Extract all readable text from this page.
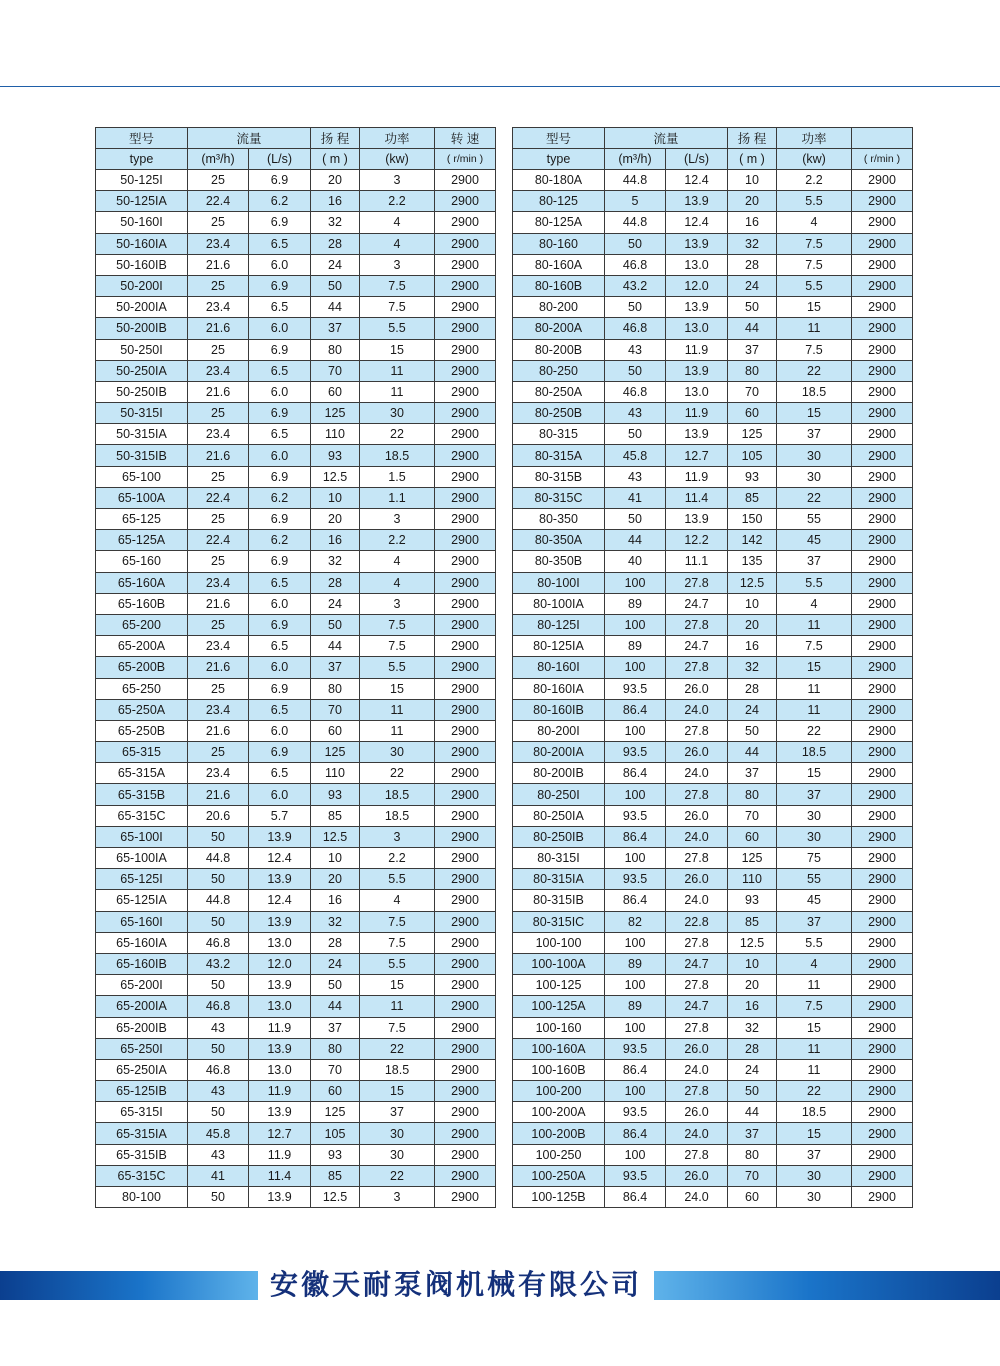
型号	流量		扬 程	功率	转 速
type	(m³/h)	(L/s)	( m )	(kw)	( r/min )
50-125I	25	6.9	20	3	2900
50-125IA	22.4	6.2	16	2.2	2900
50-160I	25	6.9	32	4	2900
50-160IA	23.4	6.5	28	4	2900
50-160IB	21.6	6.0	24	3	2900
50-200I	25	6.9	50	7.5	2900
50-200IA	23.4	6.5	44	7.5	2900
50-200IB	21.6	6.0	37	5.5	2900
50-250I	25	6.9	80	15	2900
50-250IA	23.4	6.5	70	11	2900
50-250IB	21.6	6.0	60	11	2900
50-315I	25	6.9	125	30	2900
50-315IA	23.4	6.5	110	22	2900
50-315IB	21.6	6.0	93	18.5	2900
65-100	25	6.9	12.5	1.5	2900
65-100A	22.4	6.2	10	1.1	2900
65-125	25	6.9	20	3	2900
65-125A	22.4	6.2	16	2.2	2900
65-160	25	6.9	32	4	2900
65-160A	23.4	6.5	28	4	2900
65-160B	21.6	6.0	24	3	2900
65-200	25	6.9	50	7.5	2900
65-200A	23.4	6.5	44	7.5	2900
65-200B	21.6	6.0	37	5.5	2900
65-250	25	6.9	80	15	2900
65-250A	23.4	6.5	70	11	2900
65-250B	21.6	6.0	60	11	2900
65-315	25	6.9	125	30	2900
65-315A	23.4	6.5	110	22	2900
65-315B	21.6	6.0	93	18.5	2900
65-315C	20.6	5.7	85	18.5	2900
65-100I	50	13.9	12.5	3	2900
65-100IA	44.8	12.4	10	2.2	2900
65-125I	50	13.9	20	5.5	2900
65-125IA	44.8	12.4	16	4	2900
65-160I	50	13.9	32	7.5	2900
65-160IA	46.8	13.0	28	7.5	2900
65-160IB	43.2	12.0	24	5.5	2900
65-200I	50	13.9	50	15	2900
65-200IA	46.8	13.0	44	11	2900
65-200IB	43	11.9	37	7.5	2900
65-250I	50	13.9	80	22	2900
65-250IA	46.8	13.0	70	18.5	2900
65-125IB	43	11.9	60	15	2900
65-315I	50	13.9	125	37	2900
65-315IA	45.8	12.7	105	30	2900
65-315IB	43	11.9	93	30	2900
65-315C	41	11.4	85	22	2900
80-100	50	13.9	12.5	3	2900
型号	流量		扬 程	功率	
type	(m³/h)	(L/s)	( m )	(kw)	( r/min )
80-180A	44.8	12.4	10	2.2	2900
80-125	5	13.9	20	5.5	2900
80-125A	44.8	12.4	16	4	2900
80-160	50	13.9	32	7.5	2900
80-160A	46.8	13.0	28	7.5	2900
80-160B	43.2	12.0	24	5.5	2900
80-200	50	13.9	50	15	2900
80-200A	46.8	13.0	44	11	2900
80-200B	43	11.9	37	7.5	2900
80-250	50	13.9	80	22	2900
80-250A	46.8	13.0	70	18.5	2900
80-250B	43	11.9	60	15	2900
80-315	50	13.9	125	37	2900
80-315A	45.8	12.7	105	30	2900
80-315B	43	11.9	93	30	2900
80-315C	41	11.4	85	22	2900
80-350	50	13.9	150	55	2900
80-350A	44	12.2	142	45	2900
80-350B	40	11.1	135	37	2900
80-100I	100	27.8	12.5	5.5	2900
80-100IA	89	24.7	10	4	2900
80-125I	100	27.8	20	11	2900
80-125IA	89	24.7	16	7.5	2900
80-160I	100	27.8	32	15	2900
80-160IA	93.5	26.0	28	11	2900
80-160IB	86.4	24.0	24	11	2900
80-200I	100	27.8	50	22	2900
80-200IA	93.5	26.0	44	18.5	2900
80-200IB	86.4	24.0	37	15	2900
80-250I	100	27.8	80	37	2900
80-250IA	93.5	26.0	70	30	2900
80-250IB	86.4	24.0	60	30	2900
80-315I	100	27.8	125	75	2900
80-315IA	93.5	26.0	110	55	2900
80-315IB	86.4	24.0	93	45	2900
80-315IC	82	22.8	85	37	2900
100-100	100	27.8	12.5	5.5	2900
100-100A	89	24.7	10	4	2900
100-125	100	27.8	20	11	2900
100-125A	89	24.7	16	7.5	2900
100-160	100	27.8	32	15	2900
100-160A	93.5	26.0	28	11	2900
100-160B	86.4	24.0	24	11	2900
100-200	100	27.8	50	22	2900
100-200A	93.5	26.0	44	18.5	2900
100-200B	86.4	24.0	37	15	2900
100-250	100	27.8	80	37	2900
100-250A	93.5	26.0	70	30	2900
100-125B	86.4	24.0	60	30	2900
安徽天耐泵阀机械有限公司
